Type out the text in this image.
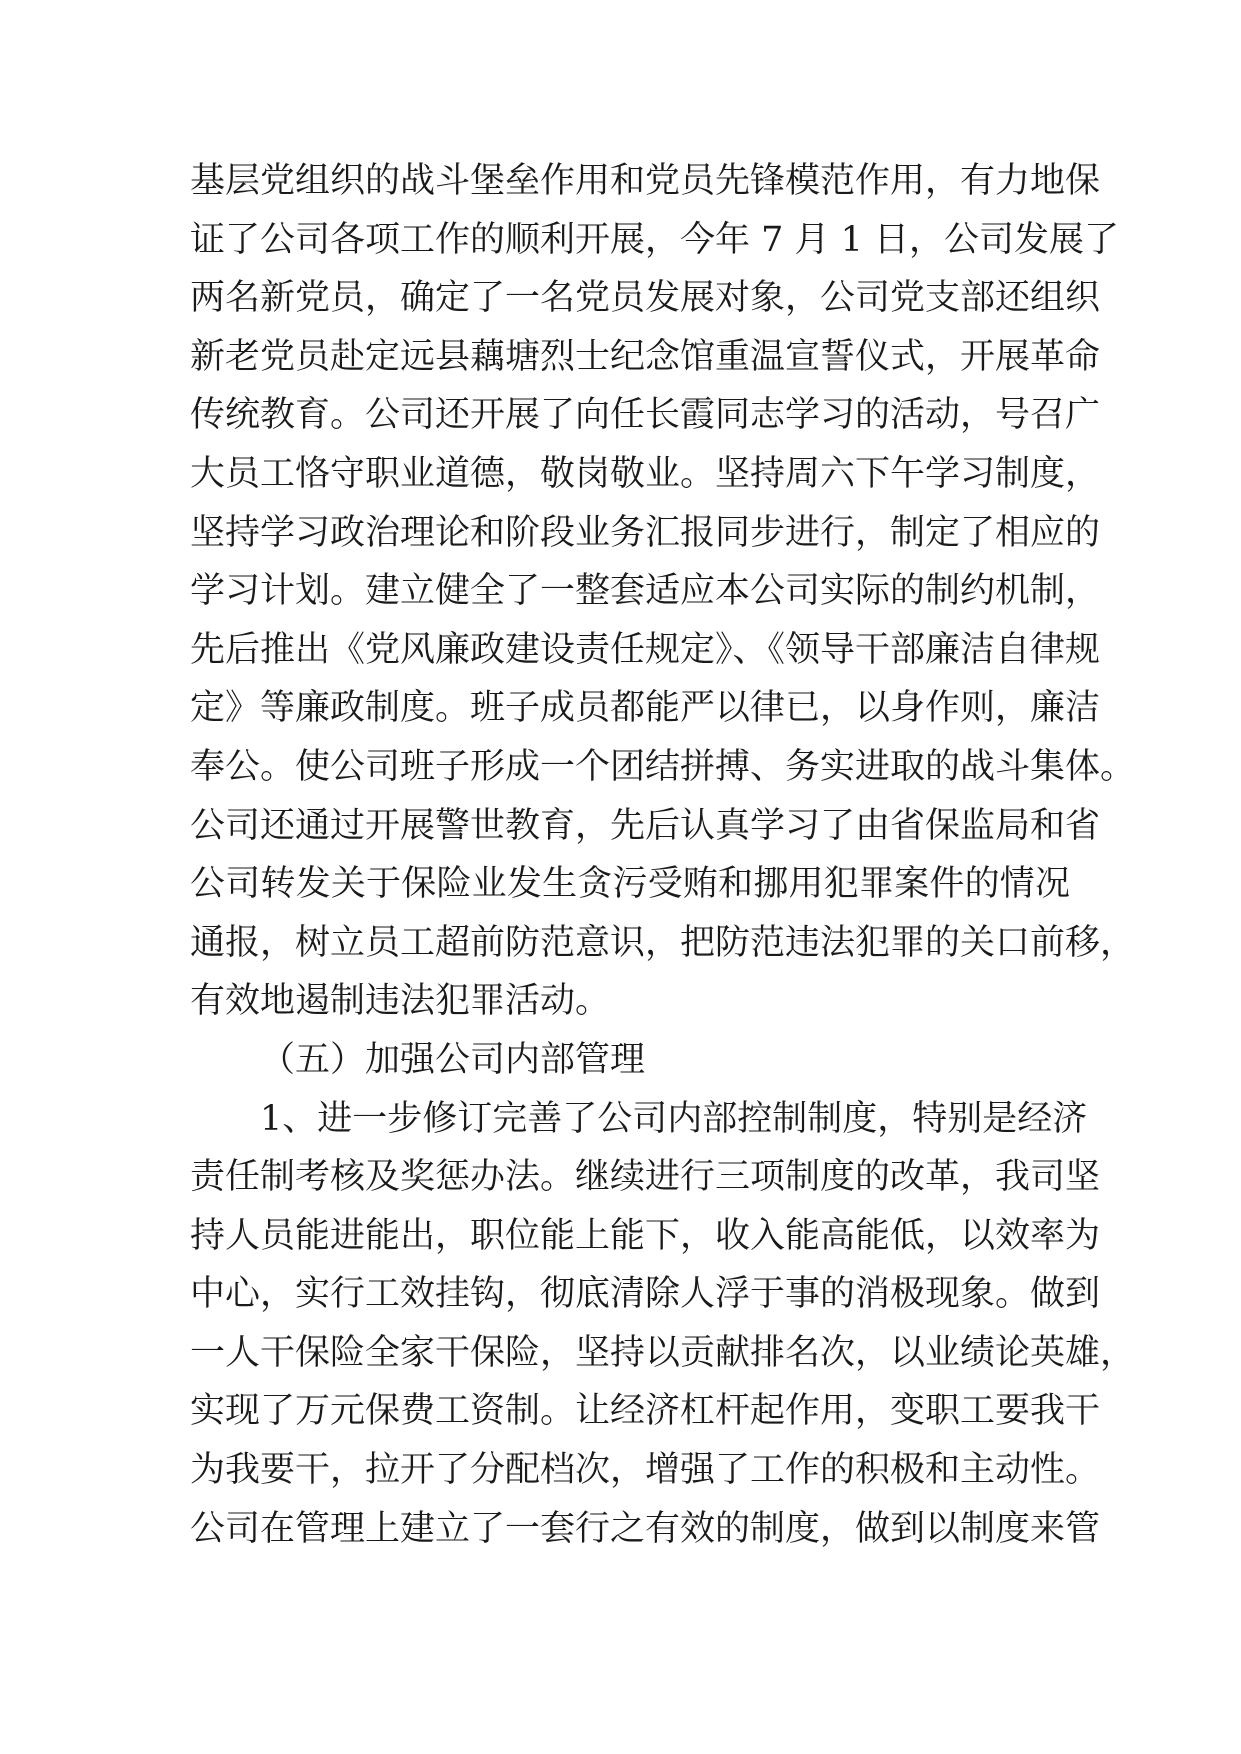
基层党组织的战斗堡垒作用和党员先锋模范作用，有力地保
证了公司各项工作的顺利开展，今年 7 月 1 日，公司发展了
两名新党员，确定了一名党员发展对象，公司党支部还组织
新老党员赴定远县藕塘烈士纪念馆重温宣誓仪式，开展革命
传统教育。公司还开展了向任长霞同志学习的活动，号召广
大员工恪守职业道德，敬岗敬业。坚持周六下午学习制度，
坚持学习政治理论和阶段业务汇报同步进行，制定了相应的
学习计划。建立健全了一整套适应本公司实际的制约机制，
先后推出《党风廉政建设责任规定》、《领导干部廉洁自律规
定》等廉政制度。班子成员都能严以律已，以身作则，廉洁
奉公。使公司班子形成一个团结拼搏、务实进取的战斗集体。
公司还通过开展警世教育，先后认真学习了由省保监局和省
公司转发关于保险业发生贪污受贿和挪用犯罪案件的情况
通报，树立员工超前防范意识，把防范违法犯罪的关口前移，
有效地遏制违法犯罪活动。
（五）加强公司内部管理
1、进一步修订完善了公司内部控制制度，特别是经济
责任制考核及奖惩办法。继续进行三项制度的改革，我司坚
持人员能进能出，职位能上能下，收入能高能低，以效率为
中心，实行工效挂钩，彻底清除人浮于事的消极现象。做到
一人干保险全家干保险，坚持以贡献排名次，以业绩论英雄，
实现了万元保费工资制。让经济杠杆起作用，变职工要我干
为我要干，拉开了分配档次，增强了工作的积极和主动性。
公司在管理上建立了一套行之有效的制度，做到以制度来管
